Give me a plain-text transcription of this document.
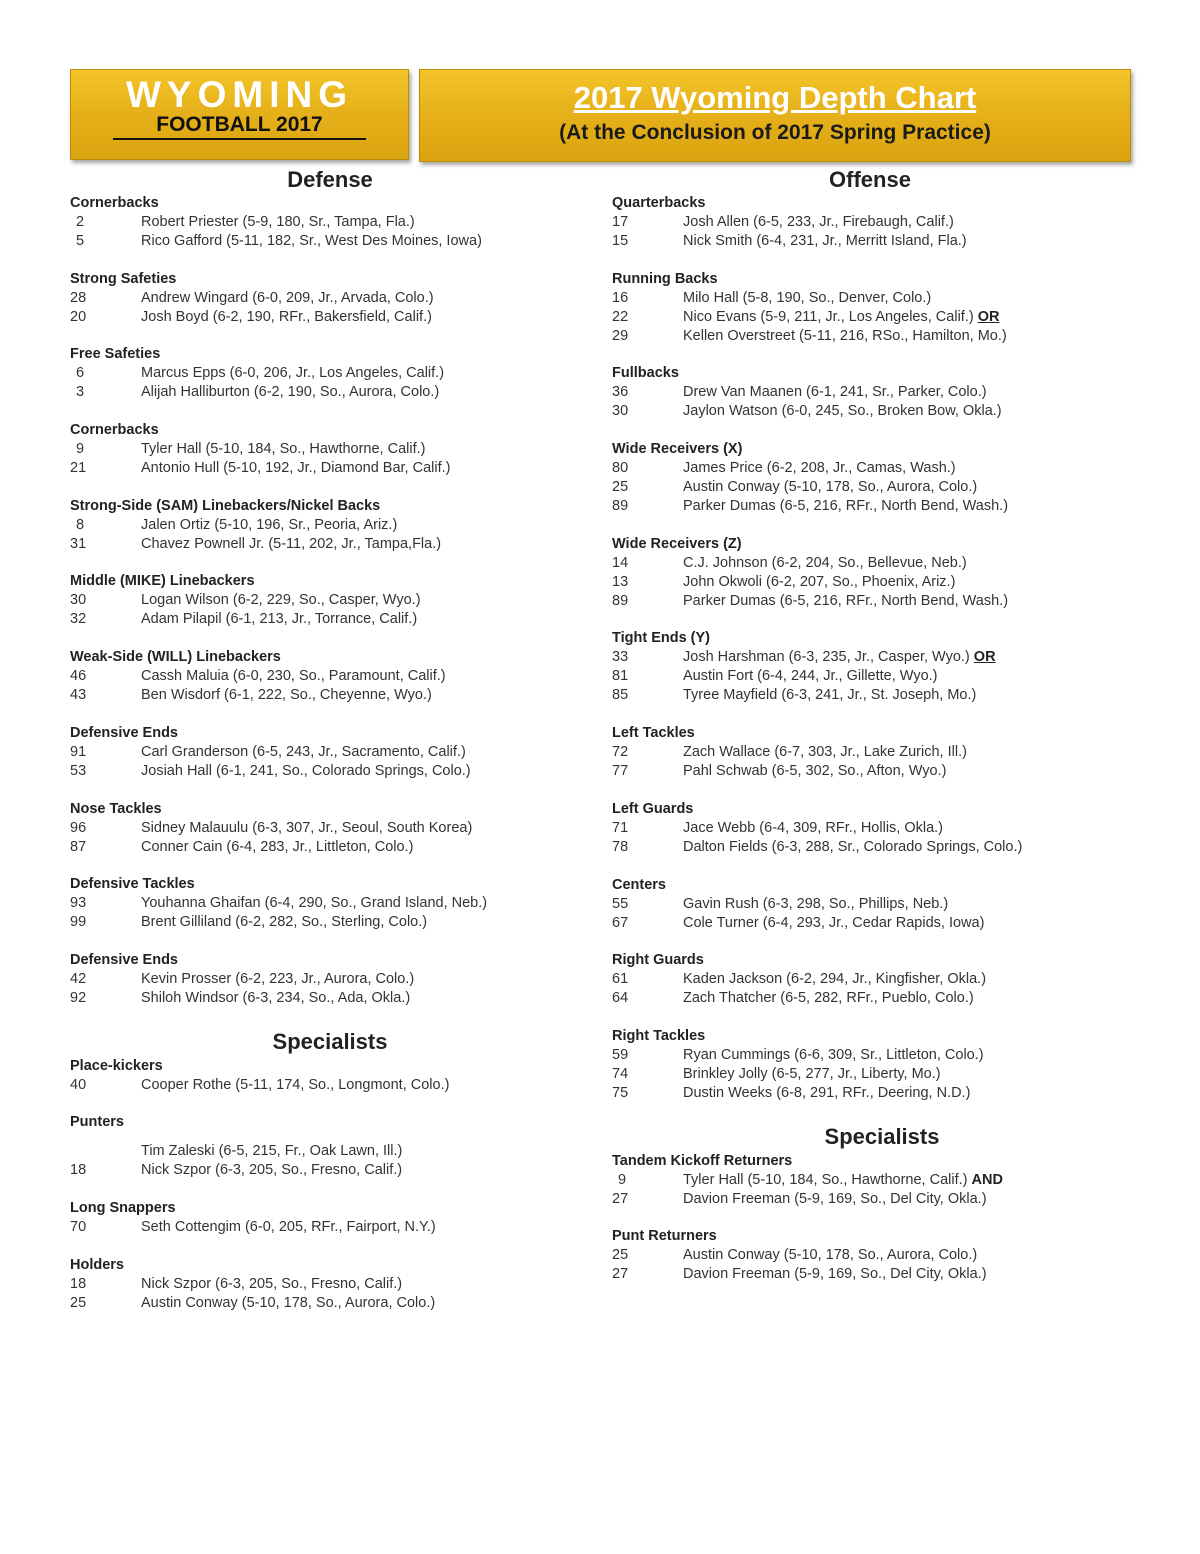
WYOMING
FOOTBALL 2017
2017 Wyoming Depth Chart
(At the Conclusion of 2017 Spring Practice)
Defense
Cornerbacks
2	Robert Priester (5-9, 180, Sr., Tampa, Fla.)
5	Rico Gafford (5-11, 182, Sr., West Des Moines, Iowa)
Strong Safeties
28	Andrew Wingard (6-0, 209, Jr., Arvada, Colo.)
20	Josh Boyd (6-2, 190, RFr., Bakersfield, Calif.)
Free Safeties
6	Marcus Epps (6-0, 206, Jr., Los Angeles, Calif.)
3	Alijah Halliburton (6-2, 190, So., Aurora, Colo.)
Cornerbacks
9	Tyler Hall (5-10, 184, So., Hawthorne, Calif.)
21	Antonio Hull (5-10, 192, Jr., Diamond Bar, Calif.)
Strong-Side (SAM) Linebackers/Nickel Backs
8	Jalen Ortiz (5-10, 196, Sr., Peoria, Ariz.)
31	Chavez Pownell Jr. (5-11, 202, Jr., Tampa,Fla.)
Middle (MIKE) Linebackers
30	Logan Wilson (6-2, 229, So., Casper, Wyo.)
32	Adam Pilapil (6-1, 213, Jr., Torrance, Calif.)
Weak-Side (WILL) Linebackers
46	Cassh Maluia (6-0, 230, So., Paramount, Calif.)
43	Ben Wisdorf (6-1, 222, So., Cheyenne, Wyo.)
Defensive Ends
91	Carl Granderson (6-5, 243, Jr., Sacramento, Calif.)
53	Josiah Hall (6-1, 241, So., Colorado Springs, Colo.)
Nose Tackles
96	Sidney Malauulu (6-3, 307, Jr., Seoul, South Korea)
87	Conner Cain (6-4, 283, Jr., Littleton, Colo.)
Defensive Tackles
93	Youhanna Ghaifan (6-4, 290, So., Grand Island, Neb.)
99	Brent Gilliland (6-2, 282, So., Sterling, Colo.)
Defensive Ends
42	Kevin Prosser (6-2, 223, Jr., Aurora, Colo.)
92	Shiloh Windsor (6-3, 234, So., Ada, Okla.)
Specialists
Place-kickers
40	Cooper Rothe (5-11, 174, So., Longmont, Colo.)
Punters
Tim Zaleski (6-5, 215, Fr., Oak Lawn, Ill.)
18	Nick Szpor (6-3, 205, So., Fresno, Calif.)
Long Snappers
70	Seth Cottengim (6-0, 205, RFr., Fairport, N.Y.)
Holders
18	Nick Szpor (6-3, 205, So., Fresno, Calif.)
25	Austin Conway (5-10, 178, So., Aurora, Colo.)
Offense
Quarterbacks
17	Josh Allen (6-5, 233, Jr., Firebaugh, Calif.)
15	Nick Smith (6-4, 231, Jr., Merritt Island, Fla.)
Running Backs
16	Milo Hall (5-8, 190, So., Denver, Colo.)
22	Nico Evans (5-9, 211, Jr., Los Angeles, Calif.) OR
29	Kellen Overstreet (5-11, 216, RSo., Hamilton, Mo.)
Fullbacks
36	Drew Van Maanen (6-1, 241, Sr., Parker, Colo.)
30	Jaylon Watson (6-0, 245, So., Broken Bow, Okla.)
Wide Receivers (X)
80	James Price (6-2, 208, Jr., Camas, Wash.)
25	Austin Conway (5-10, 178, So., Aurora, Colo.)
89	Parker Dumas (6-5, 216, RFr., North Bend, Wash.)
Wide Receivers (Z)
14	C.J. Johnson (6-2, 204, So., Bellevue, Neb.)
13	John Okwoli (6-2, 207, So., Phoenix, Ariz.)
89	Parker Dumas (6-5, 216, RFr., North Bend, Wash.)
Tight Ends (Y)
33	Josh Harshman (6-3, 235, Jr., Casper, Wyo.) OR
81	Austin Fort (6-4, 244, Jr., Gillette, Wyo.)
85	Tyree Mayfield (6-3, 241, Jr., St. Joseph, Mo.)
Left Tackles
72	Zach Wallace (6-7, 303, Jr., Lake Zurich, Ill.)
77	Pahl Schwab (6-5, 302, So., Afton, Wyo.)
Left Guards
71	Jace Webb (6-4, 309, RFr., Hollis, Okla.)
78	Dalton Fields (6-3, 288, Sr., Colorado Springs, Colo.)
Centers
55	Gavin Rush (6-3, 298, So., Phillips, Neb.)
67	Cole Turner (6-4, 293, Jr., Cedar Rapids, Iowa)
Right Guards
61	Kaden Jackson (6-2, 294, Jr., Kingfisher, Okla.)
64	Zach Thatcher (6-5, 282, RFr., Pueblo, Colo.)
Right Tackles
59	Ryan Cummings (6-6, 309, Sr., Littleton, Colo.)
74	Brinkley Jolly (6-5, 277, Jr., Liberty, Mo.)
75	Dustin Weeks (6-8, 291, RFr., Deering, N.D.)
Specialists
Tandem Kickoff Returners
9	Tyler Hall (5-10, 184, So., Hawthorne, Calif.) AND
27	Davion Freeman (5-9, 169, So., Del City, Okla.)
Punt Returners
25	Austin Conway (5-10, 178, So., Aurora, Colo.)
27	Davion Freeman (5-9, 169, So., Del City, Okla.)
